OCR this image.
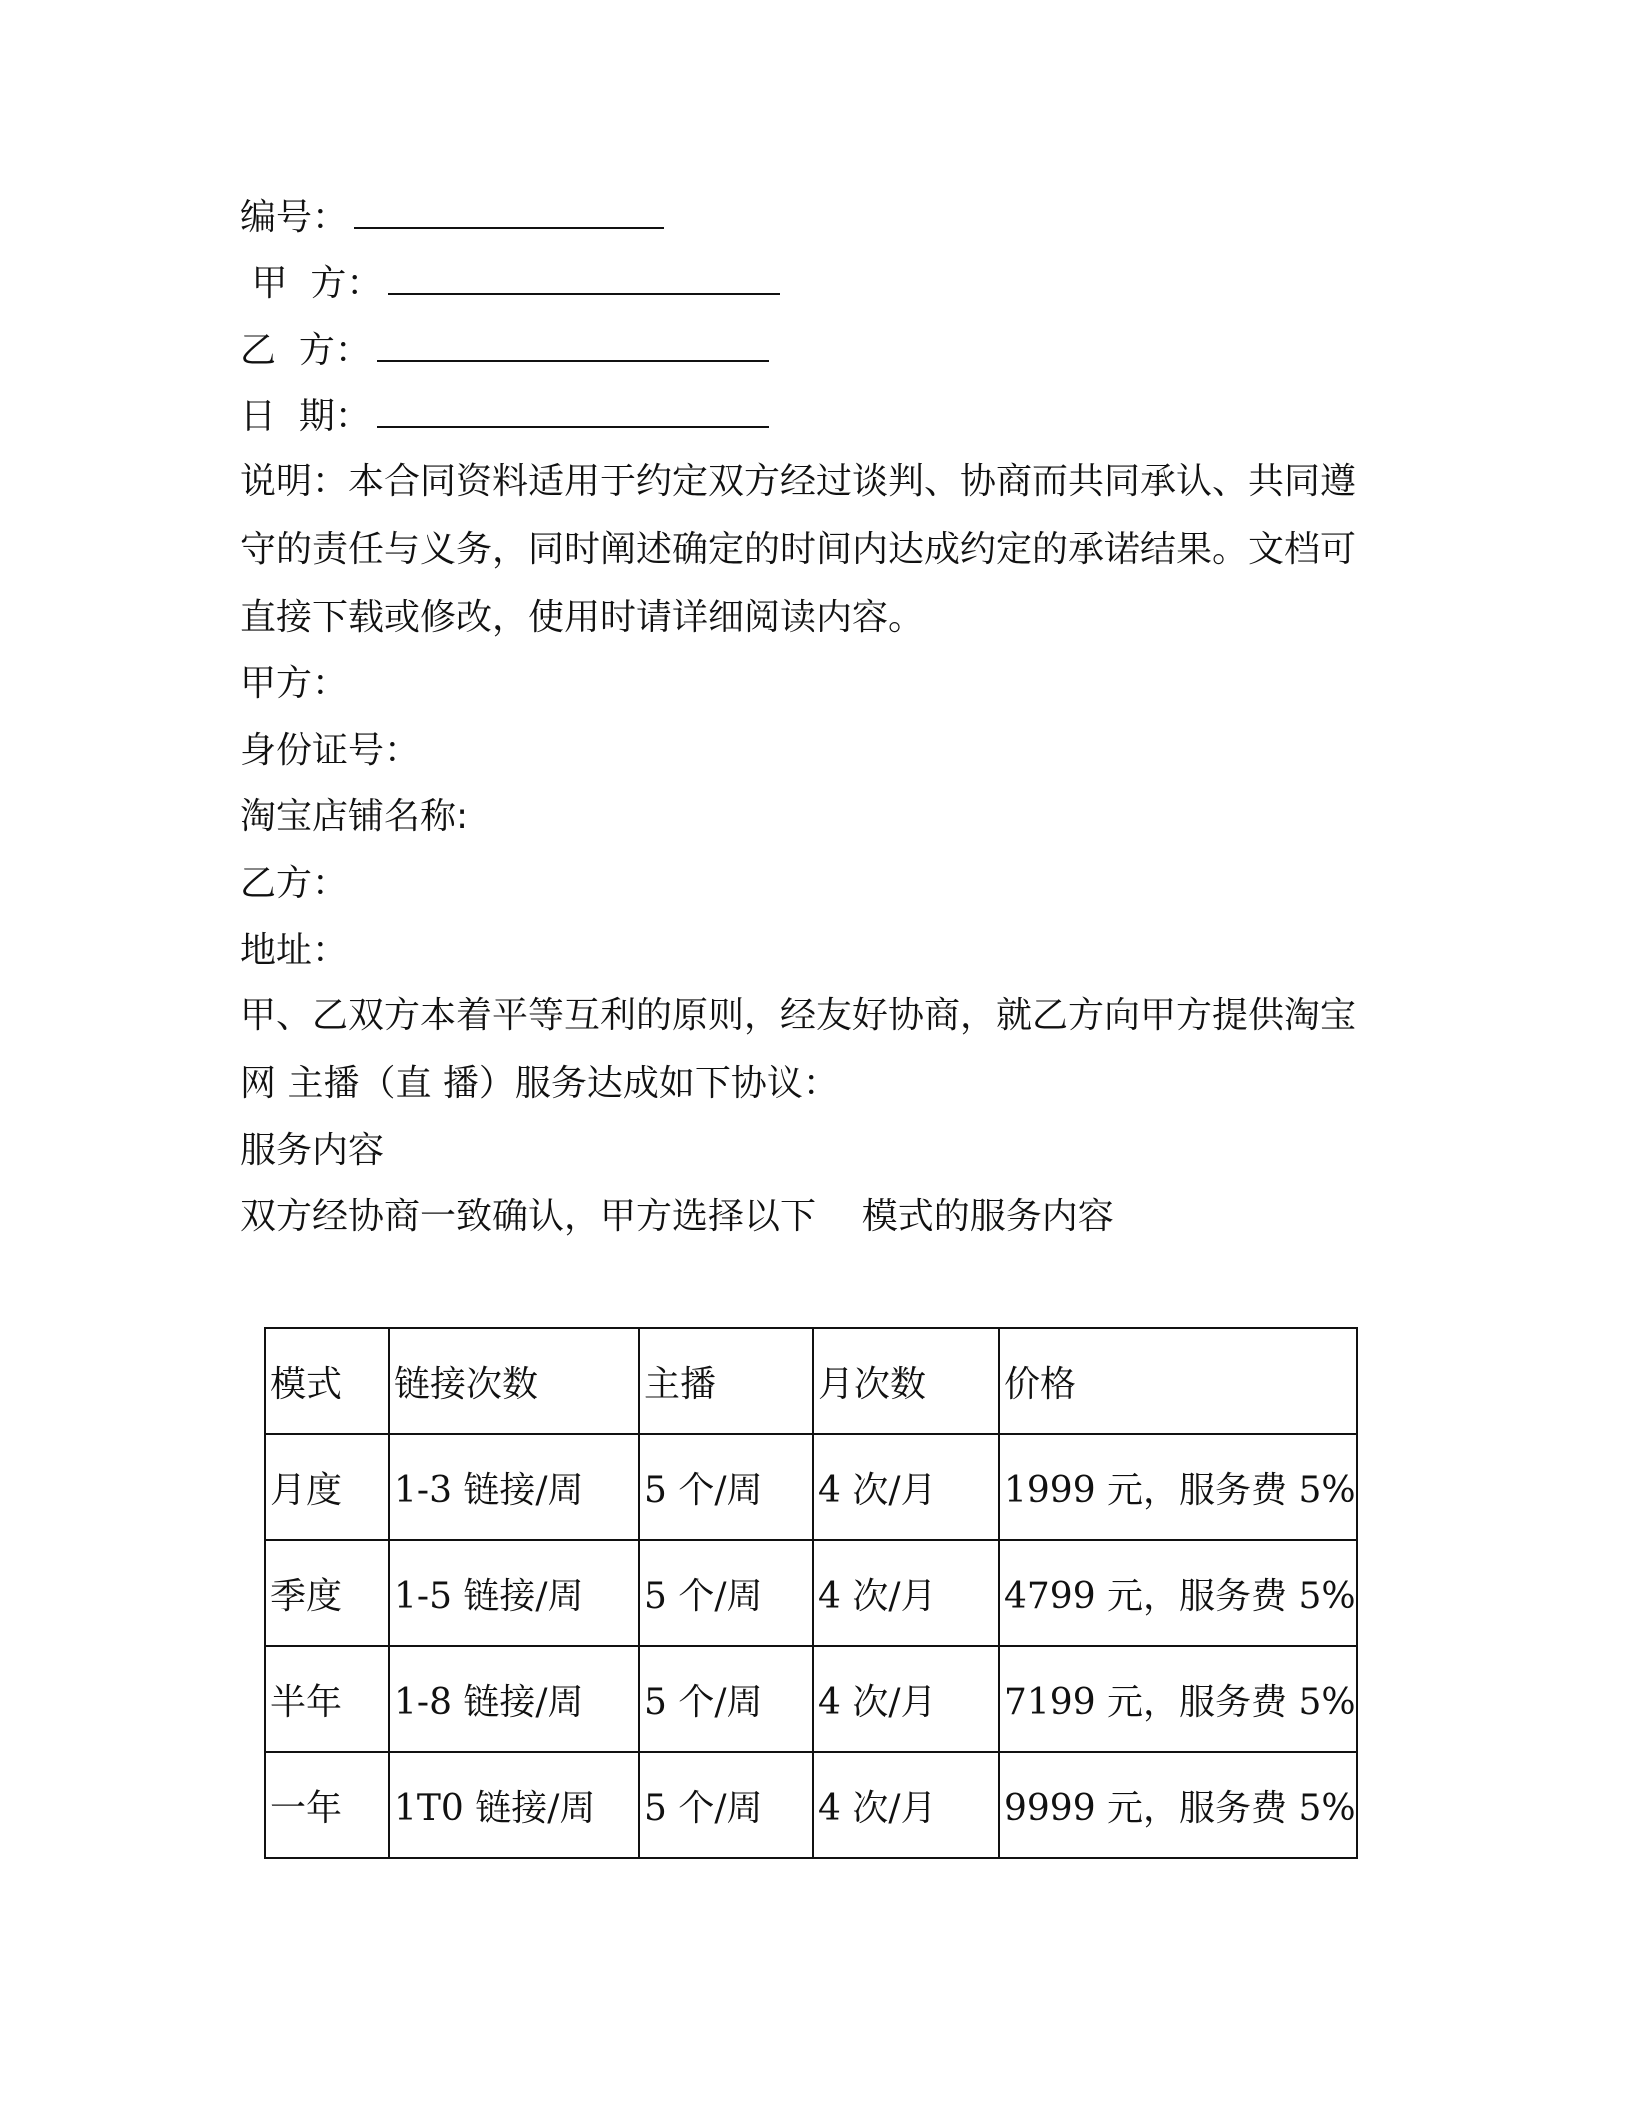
编号：
甲  方：
乙  方：
日  期：
说明：本合同资料适用于约定双方经过谈判、协商而共同承认、共同遵守的责任与义务，同时阐述确定的时间内达成约定的承诺结果。文档可直接下载或修改，使用时请详细阅读内容。
甲方：
身份证号：
淘宝店铺名称:
乙方：
地址：
甲、乙双方本着平等互利的原则，经友好协商，就乙方向甲方提供淘宝网 主播（直 播）服务达成如下协议：
服务内容
双方经协商一致确认，甲方选择以下    模式的服务内容
模式	链接次数	主播	月次数	价格
月度	1-3 链接/周	5 个/周	4 次/月	1999 元，服务费 5%
季度	1-5 链接/周	5 个/周	4 次/月	4799 元，服务费 5%
半年	1-8 链接/周	5 个/周	4 次/月	7199 元，服务费 5%
一年	1T0 链接/周	5 个/周	4 次/月	9999 元，服务费 5%
